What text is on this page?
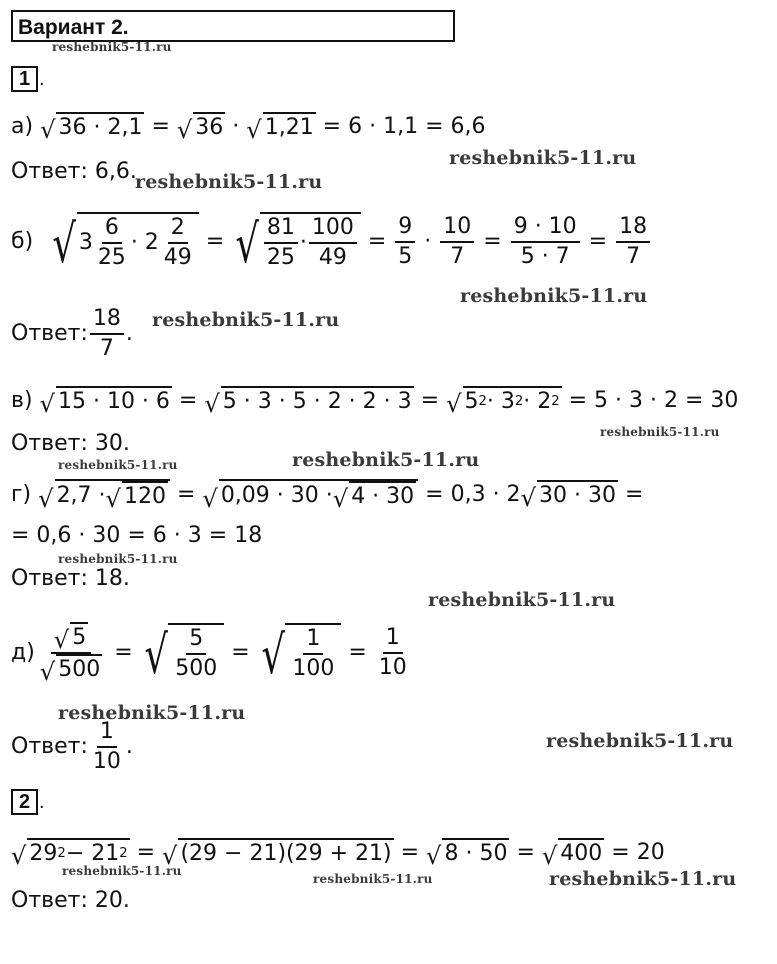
Вариант 2.
reshebnik5-11.ru
1 .
а) √ 36 · 2,1 = √ 36 · √ 1,21 = 6 · 1,1 = 6,6
Ответ: 6,6.
reshebnik5-11.ru
reshebnik5-11.ru
б) √ 3
6
25
· 2
2
49
= √ 81
25
·
100
49
= $\frac{9}{5} \cdot \frac{10}{7} = \frac{9 \cdot 10}{5 \cdot 7} = \frac{18}{7}$
reshebnik5-11.ru
Ответ: $\frac{18}{7}$ .
reshebnik5-11.ru
в) √ 15 · 10 · 6 = √ 5 · 3 · 5 · 2 · 2 · 3 = √ 5 2 · 3 2 · 2 2 = 5 · 3 · 2 = 30
Ответ: 30.	reshebnik5-11.ru
reshebnik5-11.ru	reshebnik5-11.ru
г) √ 2,7 · √ 120 = √ 0,09 · 30 · √ 4 · 30 = 0,3 · 2 √ 30 · 30 =
= 0,6 · 30 = 6 · 3 = 18
reshebnik5-11.ru
Ответ: 18.
reshebnik5-11.ru
$д) \frac{√ 5}{√ 500}$ = √ 5
500
= √ 1
100
= $\frac{1}{10}$
reshebnik5-11.ru
Ответ: $\frac{1}{10}$ .	reshebnik5-11.ru
2 .
√ 29 2 − 21 2 = √ (29 − 21)(29 + 21) = √ 8 · 50 = √ 400 = 20
reshebnik5-11.ru
reshebnik5-11.ru	reshebnik5-11.ru
Ответ: 20.
